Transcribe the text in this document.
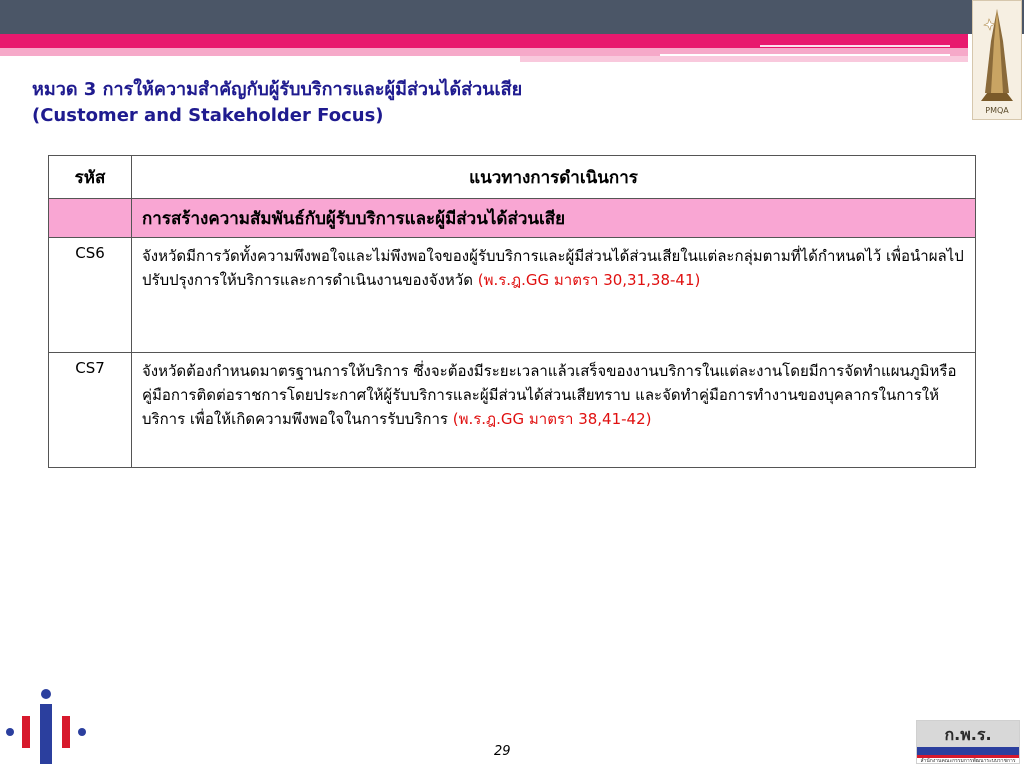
PMQA
หมวด 3 การให้ความสำคัญกับผู้รับบริการและผู้มีส่วนได้ส่วนเสีย
(Customer and Stakeholder Focus)
รหัส	แนวทางการดำเนินการ
	การสร้างความสัมพันธ์กับผู้รับบริการและผู้มีส่วนได้ส่วนเสีย
CS6	จังหวัดมีการวัดทั้งความพึงพอใจและไม่พึงพอใจของผู้รับบริการและผู้มีส่วนได้ส่วนเสียในแต่ละกลุ่มตามที่ได้กำหนดไว้ เพื่อนำผลไปปรับปรุงการให้บริการและการดำเนินงานของจังหวัด (พ.ร.ฎ.GG มาตรา 30,31,38-41)
CS7	จังหวัดต้องกำหนดมาตรฐานการให้บริการ ซึ่งจะต้องมีระยะเวลาแล้วเสร็จของงานบริการในแต่ละงานโดยมีการจัดทำแผนภูมิหรือคู่มือการติดต่อราชการโดยประกาศให้ผู้รับบริการและผู้มีส่วนได้ส่วนเสียทราบ และจัดทำคู่มือการทำงานของบุคลากรในการให้บริการ เพื่อให้เกิดความพึงพอใจในการรับบริการ (พ.ร.ฎ.GG มาตรา 38,41-42)
29
ก.พ.ร.
สำนักงานคณะกรรมการพัฒนาระบบราชการ
